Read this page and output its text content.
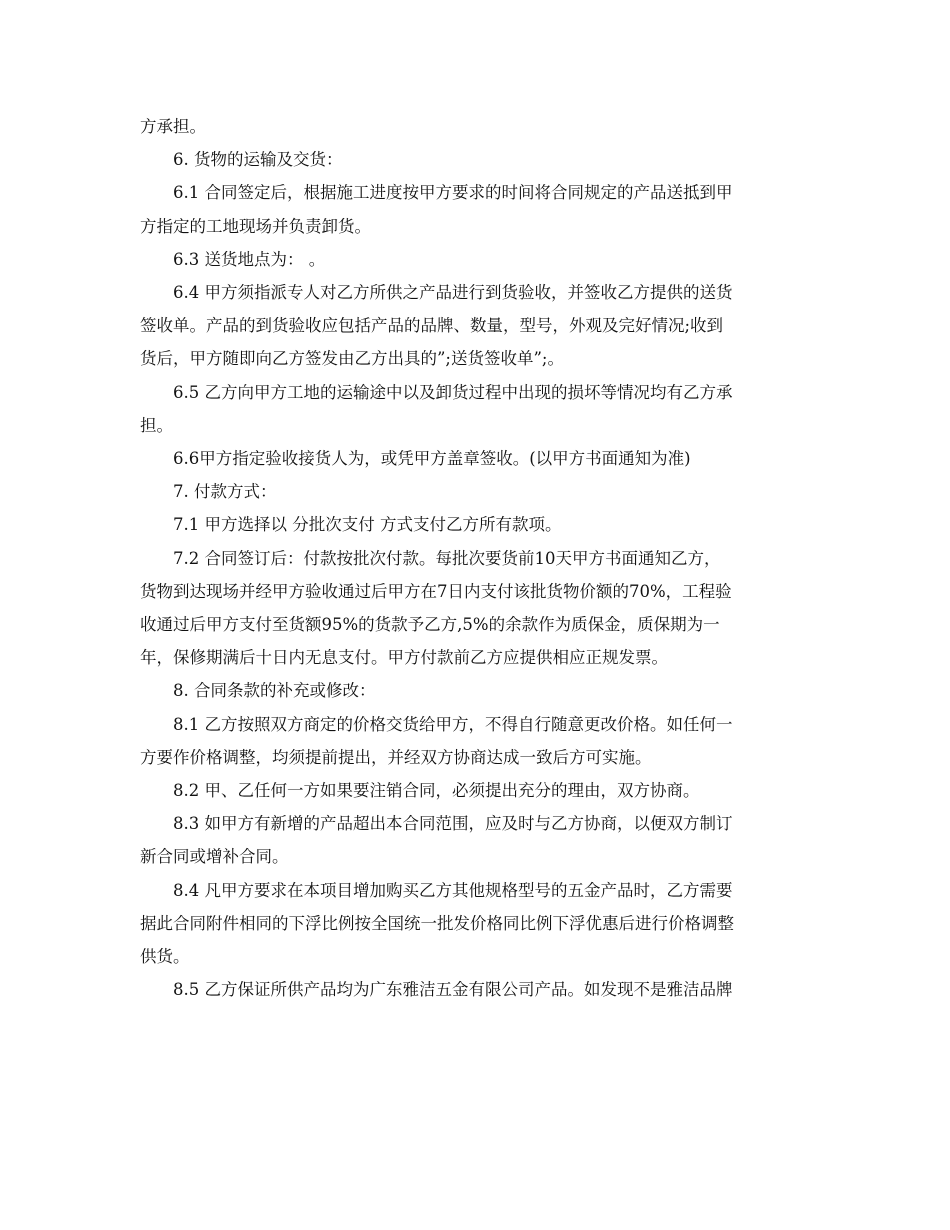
方承担。

6. 货物的运输及交货：

6.1 合同签定后，根据施工进度按甲方要求的时间将合同规定的产品送抵到甲

方指定的工地现场并负责卸货。

6.3 送货地点为： 。

6.4 甲方须指派专人对乙方所供之产品进行到货验收，并签收乙方提供的送货

签收单。产品的到货验收应包括产品的品牌、数量，型号，外观及完好情况;收到

货后，甲方随即向乙方签发由乙方出具的”;送货签收单”;。

6.5 乙方向甲方工地的运输途中以及卸货过程中出现的损坏等情况均有乙方承

担。

6.6甲方指定验收接货人为，或凭甲方盖章签收。(以甲方书面通知为准)

7. 付款方式：

7.1 甲方选择以 分批次支付 方式支付乙方所有款项。

7.2 合同签订后：付款按批次付款。每批次要货前10天甲方书面通知乙方，

货物到达现场并经甲方验收通过后甲方在7日内支付该批货物价额的70%，工程验

收通过后甲方支付至货额95%的货款予乙方,5%的余款作为质保金，质保期为一

年，保修期满后十日内无息支付。甲方付款前乙方应提供相应正规发票。

8. 合同条款的补充或修改：

8.1 乙方按照双方商定的价格交货给甲方，不得自行随意更改价格。如任何一

方要作价格调整，均须提前提出，并经双方协商达成一致后方可实施。

8.2 甲、乙任何一方如果要注销合同，必须提出充分的理由，双方协商。

8.3 如甲方有新增的产品超出本合同范围，应及时与乙方协商，以便双方制订

新合同或增补合同。

8.4 凡甲方要求在本项目增加购买乙方其他规格型号的五金产品时，乙方需要

据此合同附件相同的下浮比例按全国统一批发价格同比例下浮优惠后进行价格调整

供货。

8.5 乙方保证所供产品均为广东雅洁五金有限公司产品。如发现不是雅洁品牌
